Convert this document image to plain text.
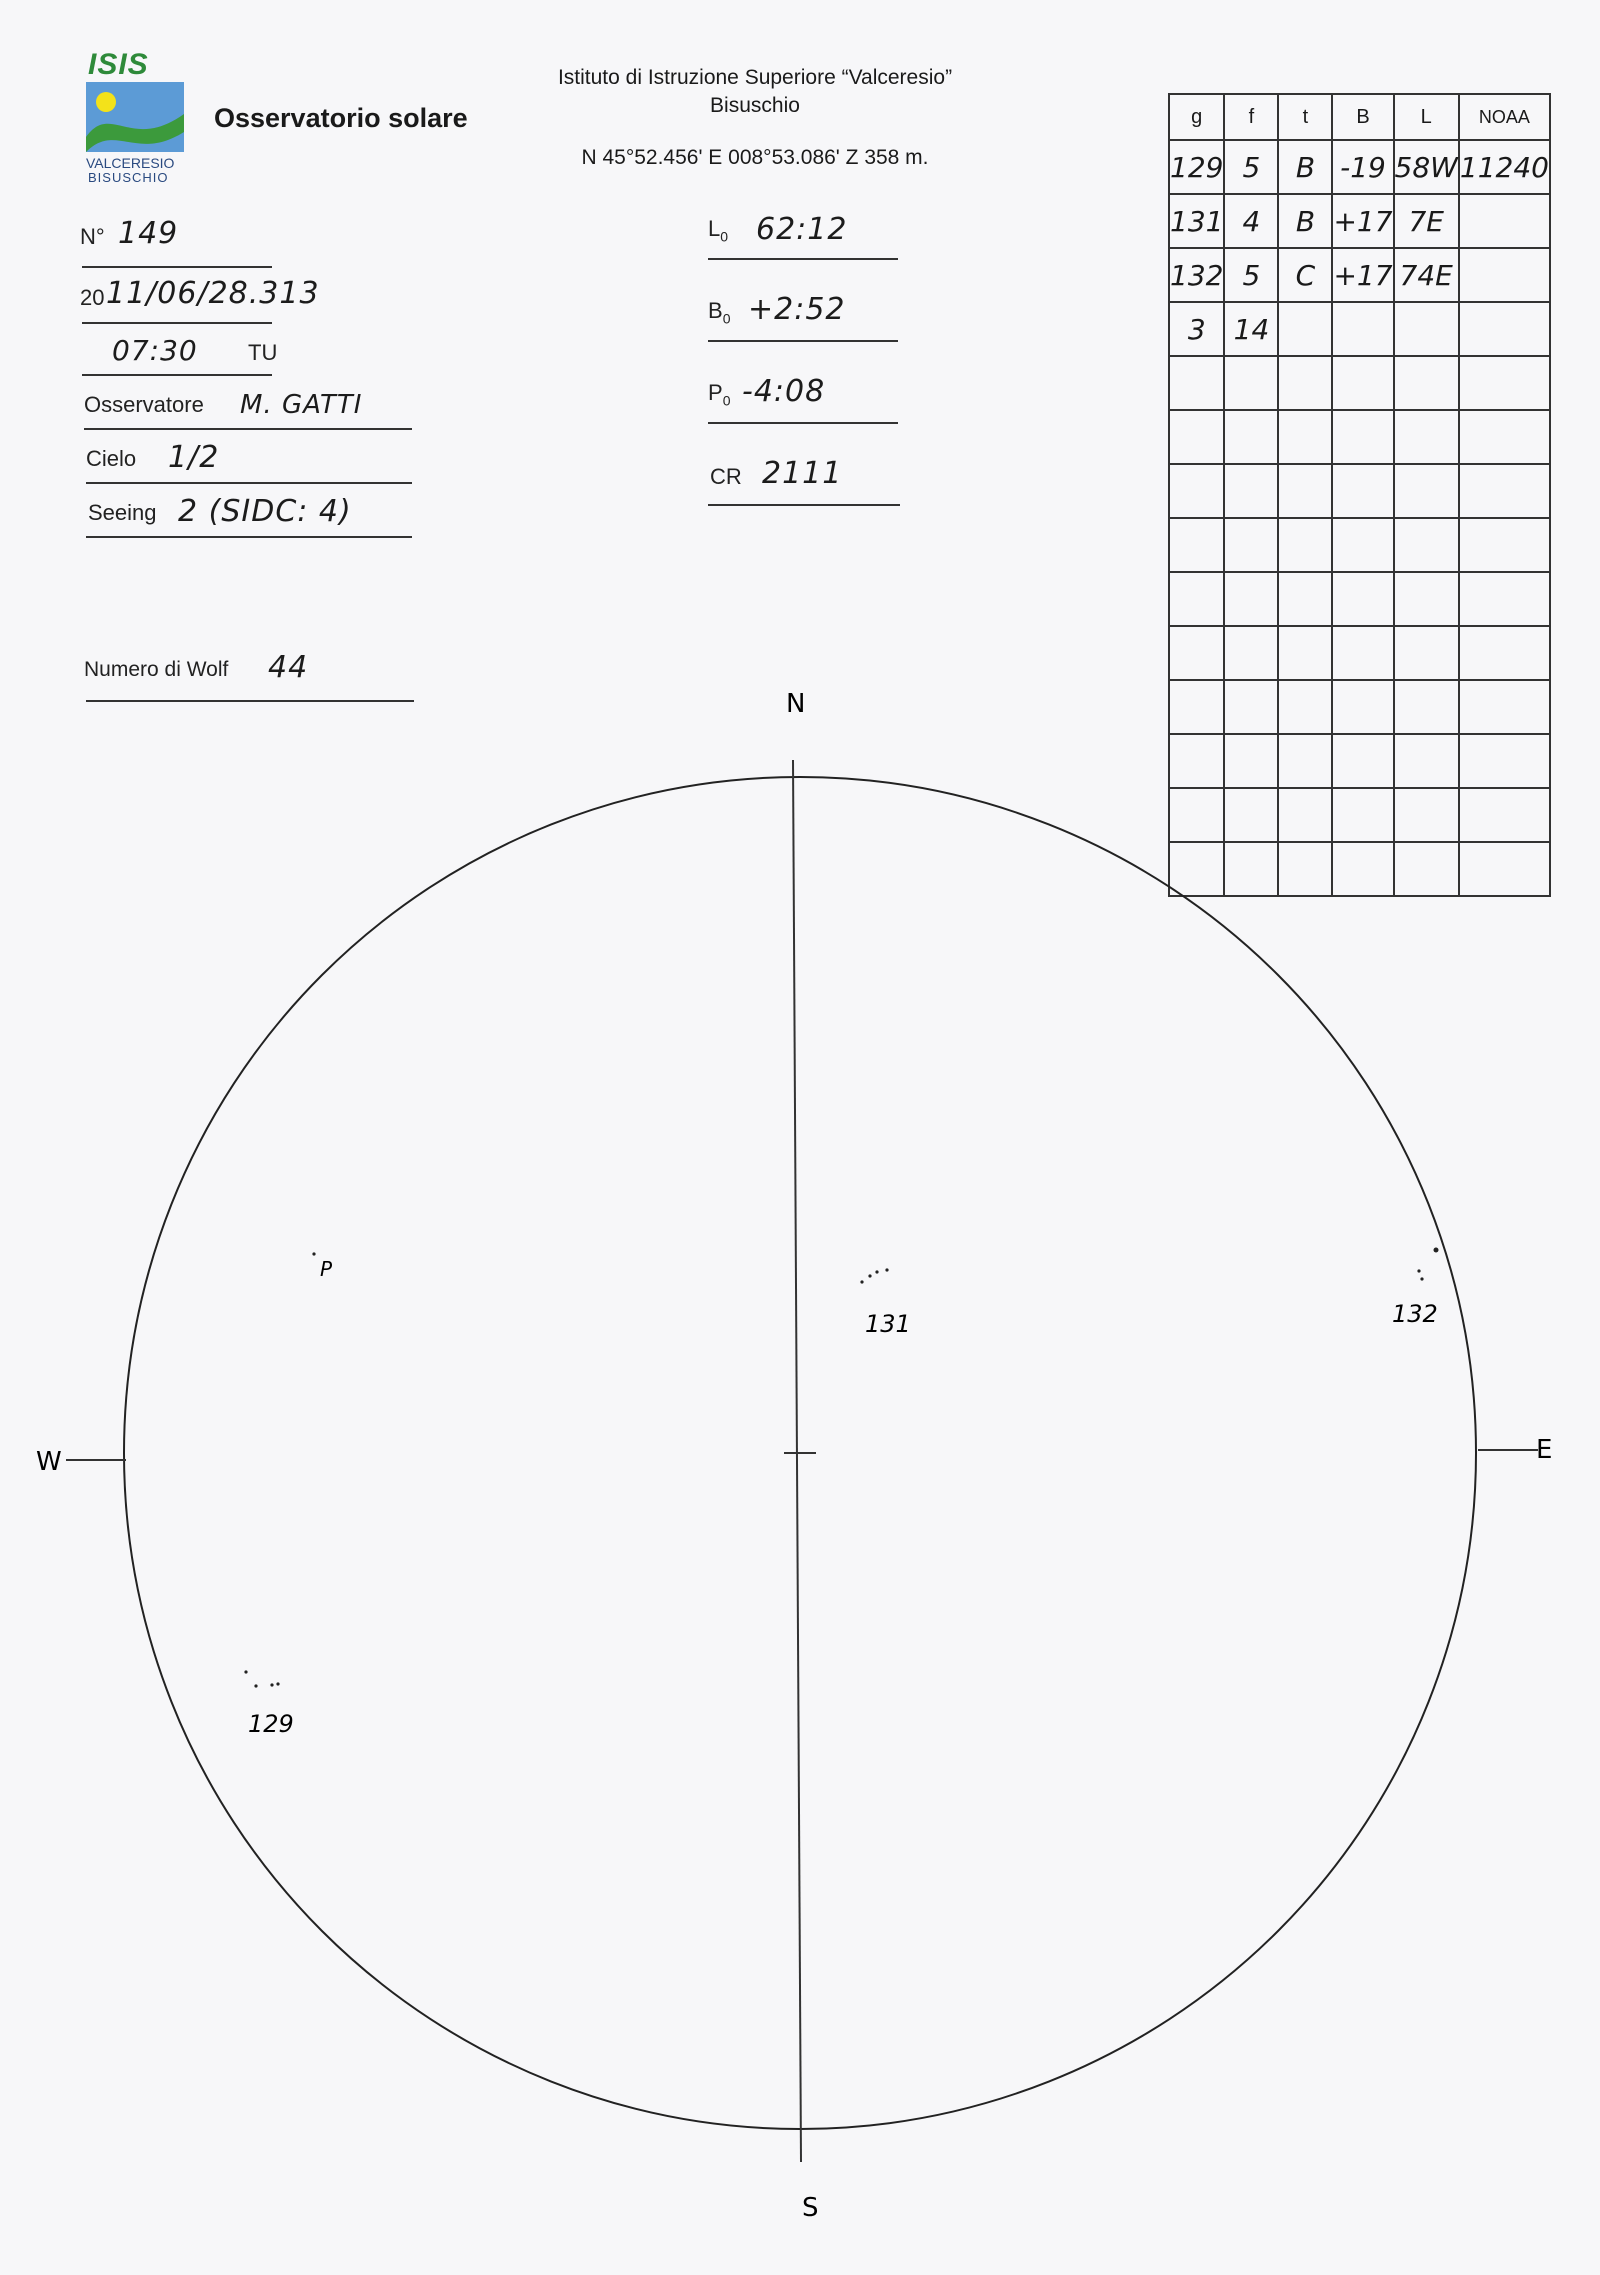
ISIS
VALCERESIO
BISUSCHIO
Osservatorio solare
Istituto di Istruzione Superiore “Valceresio”
Bisuschio
N 45°52.456' E 008°53.086' Z 358 m.
N° 149
20 11/06/28.313
07:30 TU
Osservatore M. GATTI
Cielo 1/2
Seeing 2 (SIDC: 4)
Numero di Wolf 44
$L_0$ 62:12
$B_0$ +2:52
$P_0$ -4:08
CR 2111
g	f	t	B	L	NOAA
129	5	B	-19	58W	11240
131	4	B	+17	7E	
132	5	C	+17	74E	
3	14				

N
S
E
W
131	132
129
P
